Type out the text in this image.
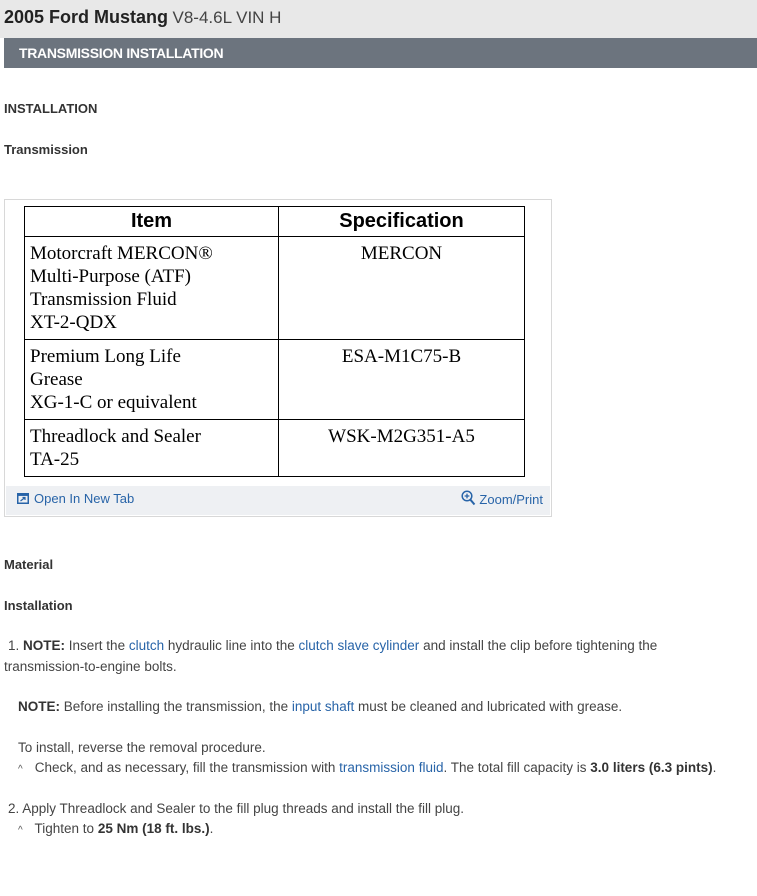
2005 Ford Mustang V8-4.6L VIN H
TRANSMISSION INSTALLATION
INSTALLATION
Transmission
Item	Specification

Motorcraft MERCON®
Multi-Purpose (ATF)
Transmission Fluid
XT-2-QDX	MERCON

Premium Long Life
Grease
XG-1-C or equivalent	ESA-M1C75-B

Threadlock and Sealer
TA-25	WSK-M2G351-A5
Open In New Tab	Zoom/Print
Material
Installation
1. NOTE: Insert the clutch hydraulic line into the clutch slave cylinder and install the clip before tightening the
transmission-to-engine bolts.
NOTE: Before installing the transmission, the input shaft must be cleaned and lubricated with grease.
To install, reverse the removal procedure.
^ Check, and as necessary, fill the transmission with transmission fluid. The total fill capacity is 3.0 liters (6.3 pints).
2. Apply Threadlock and Sealer to the fill plug threads and install the fill plug.
^ Tighten to 25 Nm (18 ft. lbs.).
